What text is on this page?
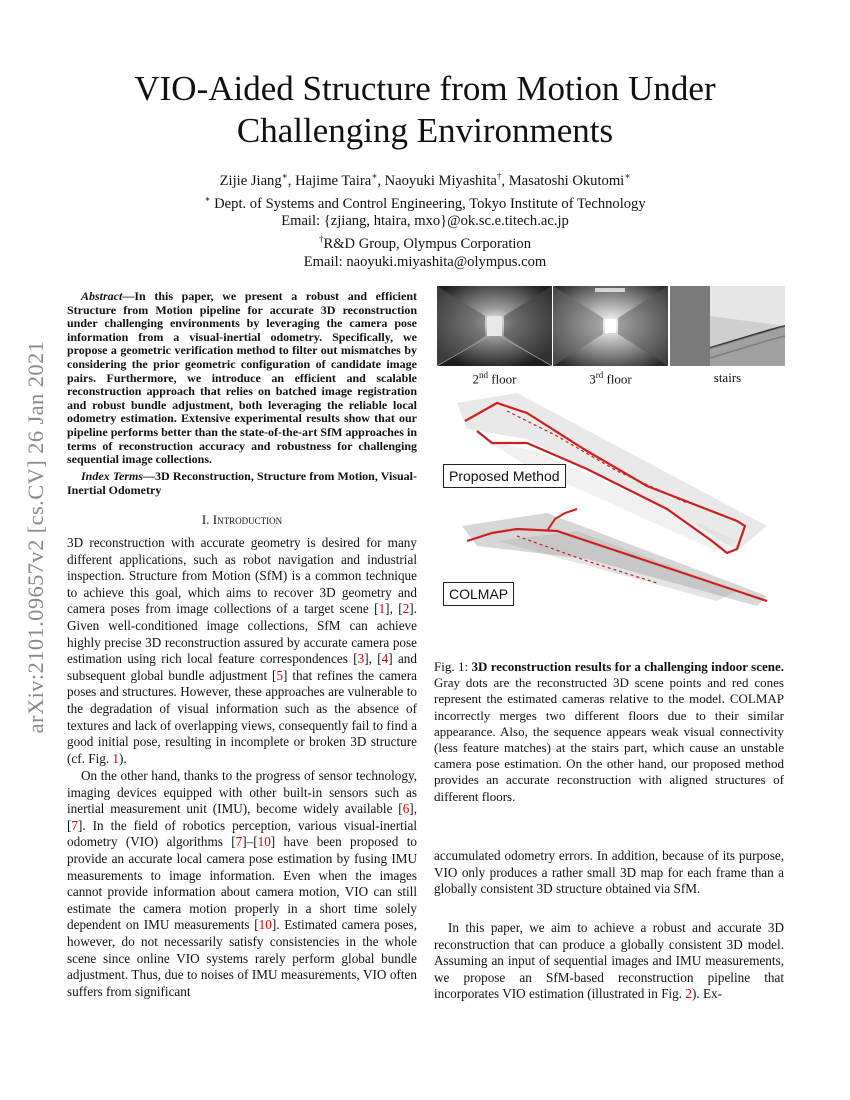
arXiv:2101.09657v2 [cs.CV] 26 Jan 2021
VIO-Aided Structure from Motion Under
Challenging Environments
Zijie Jiang∗, Hajime Taira∗, Naoyuki Miyashita†, Masatoshi Okutomi∗
∗ Dept. of Systems and Control Engineering, Tokyo Institute of Technology
Email: {zjiang, htaira, mxo}@ok.sc.e.titech.ac.jp
†R&D Group, Olympus Corporation
Email: naoyuki.miyashita@olympus.com
Abstract—In this paper, we present a robust and efficient Structure from Motion pipeline for accurate 3D reconstruction under challenging environments by leveraging the camera pose information from a visual-inertial odometry. Specifically, we propose a geometric verification method to filter out mismatches by considering the prior geometric configuration of candidate image pairs. Furthermore, we introduce an efficient and scalable reconstruction approach that relies on batched image registration and robust bundle adjustment, both leveraging the reliable local odometry estimation. Extensive experimental results show that our pipeline performs better than the state-of-the-art SfM approaches in terms of reconstruction accuracy and robustness for challenging sequential image collections.
Index Terms—3D Reconstruction, Structure from Motion, Visual-Inertial Odometry
I. Introduction
3D reconstruction with accurate geometry is desired for many different applications, such as robot navigation and industrial inspection. Structure from Motion (SfM) is a common technique to achieve this goal, which aims to recover 3D geometry and camera poses from image collections of a target scene [1], [2]. Given well-conditioned image collections, SfM can achieve highly precise 3D reconstruction assured by accurate camera pose estimation using rich local feature correspondences [3], [4] and subsequent global bundle adjustment [5] that refines the camera poses and structures. However, these approaches are vulnerable to the degradation of visual information such as the absence of textures and lack of overlapping views, consequently fail to find a good initial pose, resulting in incomplete or broken 3D structure (cf. Fig. 1).
On the other hand, thanks to the progress of sensor technology, imaging devices equipped with other built-in sensors such as inertial measurement unit (IMU), become widely available [6], [7]. In the field of robotics perception, various visual-inertial odometry (VIO) algorithms [7]–[10] have been proposed to provide an accurate local camera pose estimation by fusing IMU measurements to image information. Even when the images cannot provide information about camera motion, VIO can still estimate the camera motion properly in a short time solely dependent on IMU measurements [10]. Estimated camera poses, however, do not necessarily satisfy consistencies in the whole scene since online VIO systems rarely perform global bundle adjustment. Thus, due to noises of IMU measurements, VIO often suffers from significant
2nd floor	3rd floor	stairs
Proposed Method
COLMAP
Fig. 1: 3D reconstruction results for a challenging indoor scene. Gray dots are the reconstructed 3D scene points and red cones represent the estimated cameras relative to the model. COLMAP incorrectly merges two different floors due to their similar appearance. Also, the sequence appears weak visual connectivity (less feature matches) at the stairs part, which cause an unstable camera pose estimation. On the other hand, our proposed method provides an accurate reconstruction with aligned structures of different floors.
accumulated odometry errors. In addition, because of its purpose, VIO only produces a rather small 3D map for each frame than a globally consistent 3D structure obtained via SfM.
In this paper, we aim to achieve a robust and accurate 3D reconstruction that can produce a globally consistent 3D model. Assuming an input of sequential images and IMU measurements, we propose an SfM-based reconstruction pipeline that incorporates VIO estimation (illustrated in Fig. 2). Ex-
